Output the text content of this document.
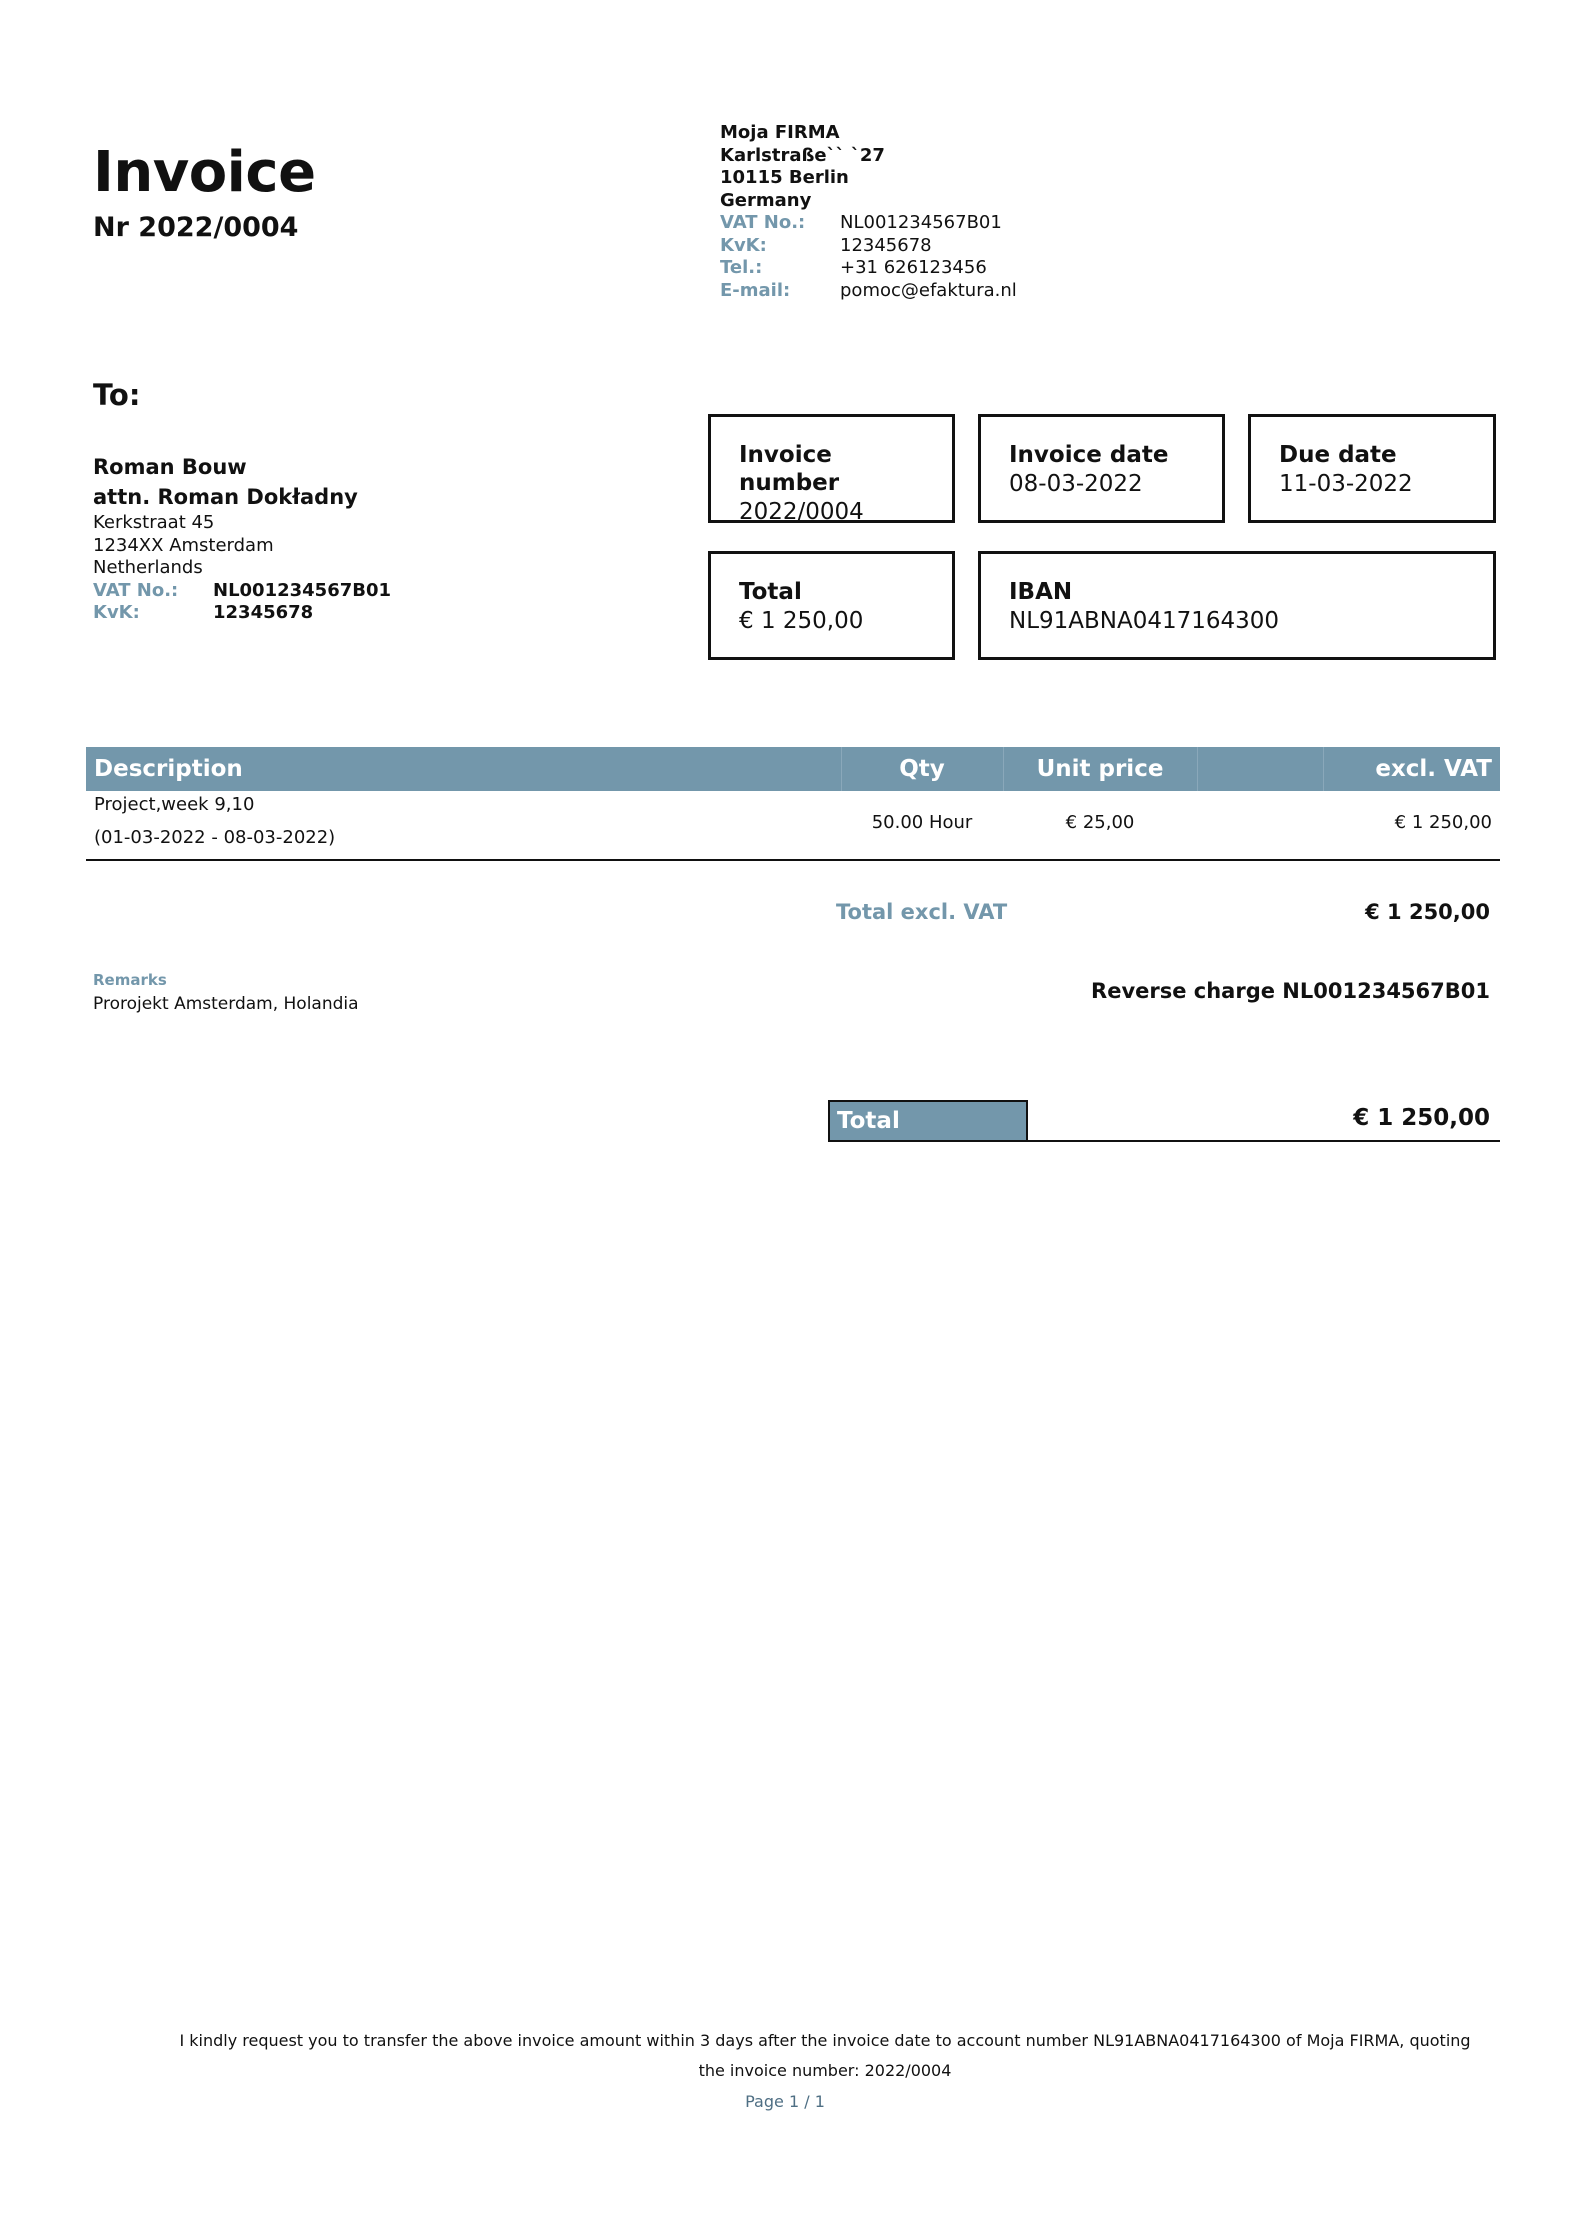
Invoice
Nr 2022/0004
Moja FIRMA
Karlstraße`` `27
10115 Berlin
Germany
VAT No.:	NL001234567B01
KvK:	12345678
Tel.:	+31 626123456
E-mail:	pomoc@efaktura.nl
To:
Roman Bouw
attn. Roman Dokładny
Kerkstraat 45
1234XX Amsterdam
Netherlands
VAT No.:	NL001234567B01
KvK:	12345678
Invoice number
2022/0004
Invoice date
08-03-2022
Due date
11-03-2022
Total
€ 1 250,00
IBAN
NL91ABNA0417164300
Description	Qty	Unit price	excl. VAT
Project,week 9,10
(01-03-2022 - 08-03-2022)
50.00 Hour	€ 25,00	€ 1 250,00
Total excl. VAT	€ 1 250,00
Remarks
Prorojekt Amsterdam, Holandia
Reverse charge NL001234567B01
Total	€ 1 250,00
I kindly request you to transfer the above invoice amount within 3 days after the invoice date to account number NL91ABNA0417164300 of Moja FIRMA, quoting the invoice number: 2022/0004
Page 1 / 1
